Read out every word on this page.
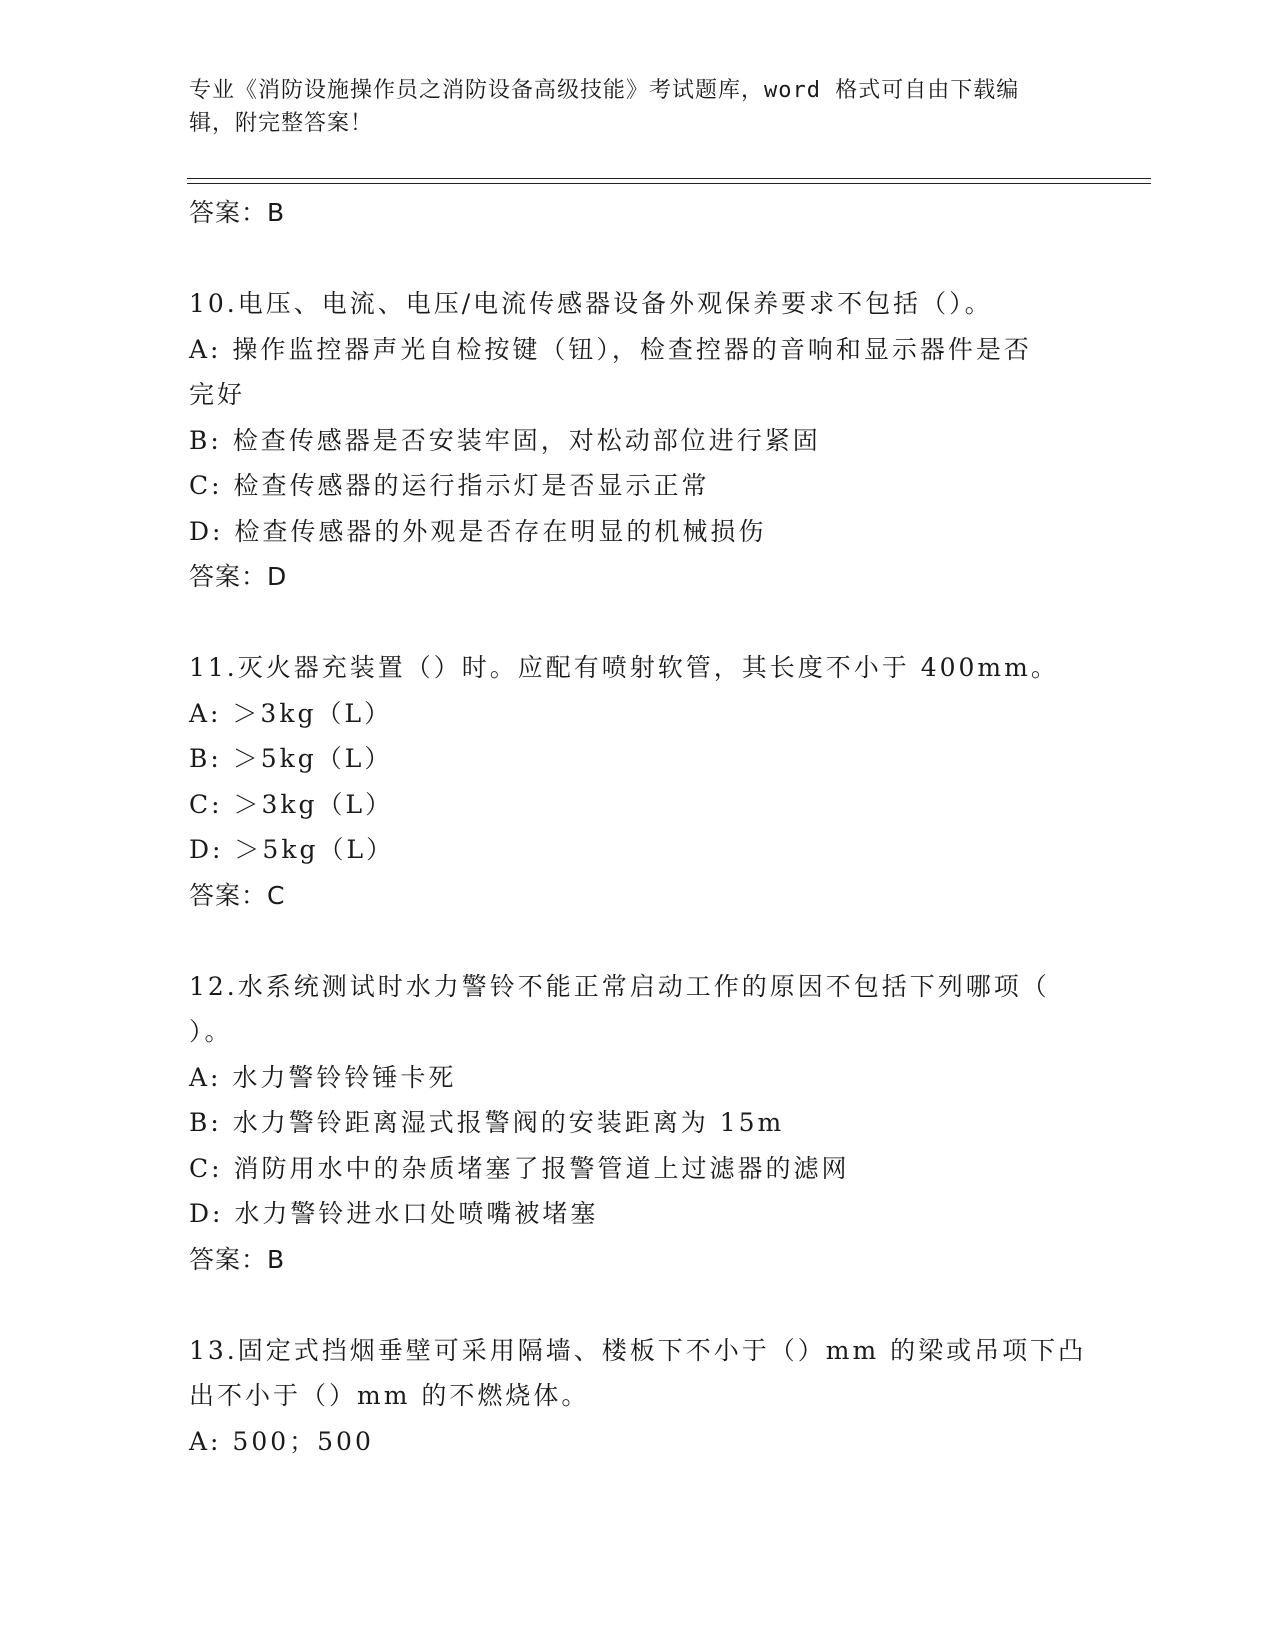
专业《消防设施操作员之消防设备高级技能》考试题库，word 格式可自由下载编
辑，附完整答案！
答案：B
10.电压、电流、电压/电流传感器设备外观保养要求不包括（）。
A: 操作监控器声光自检按键（钮），检查控器的音响和显示器件是否
完好
B: 检查传感器是否安装牢固，对松动部位进行紧固
C: 检查传感器的运行指示灯是否显示正常
D: 检查传感器的外观是否存在明显的机械损伤
答案：D
11.灭火器充装置（）时。应配有喷射软管，其长度不小于 400mm。
A: ＞3kg（L）
B: ＞5kg（L）
C: ＞3kg（L）
D: ＞5kg（L）
答案：C
12.水系统测试时水力警铃不能正常启动工作的原因不包括下列哪项（
）。
A: 水力警铃铃锤卡死
B: 水力警铃距离湿式报警阀的安装距离为 15m
C: 消防用水中的杂质堵塞了报警管道上过滤器的滤网
D: 水力警铃进水口处喷嘴被堵塞
答案：B
13.固定式挡烟垂壁可采用隔墙、楼板下不小于（）mm 的梁或吊项下凸
出不小于（）mm 的不燃烧体。
A: 500；500
